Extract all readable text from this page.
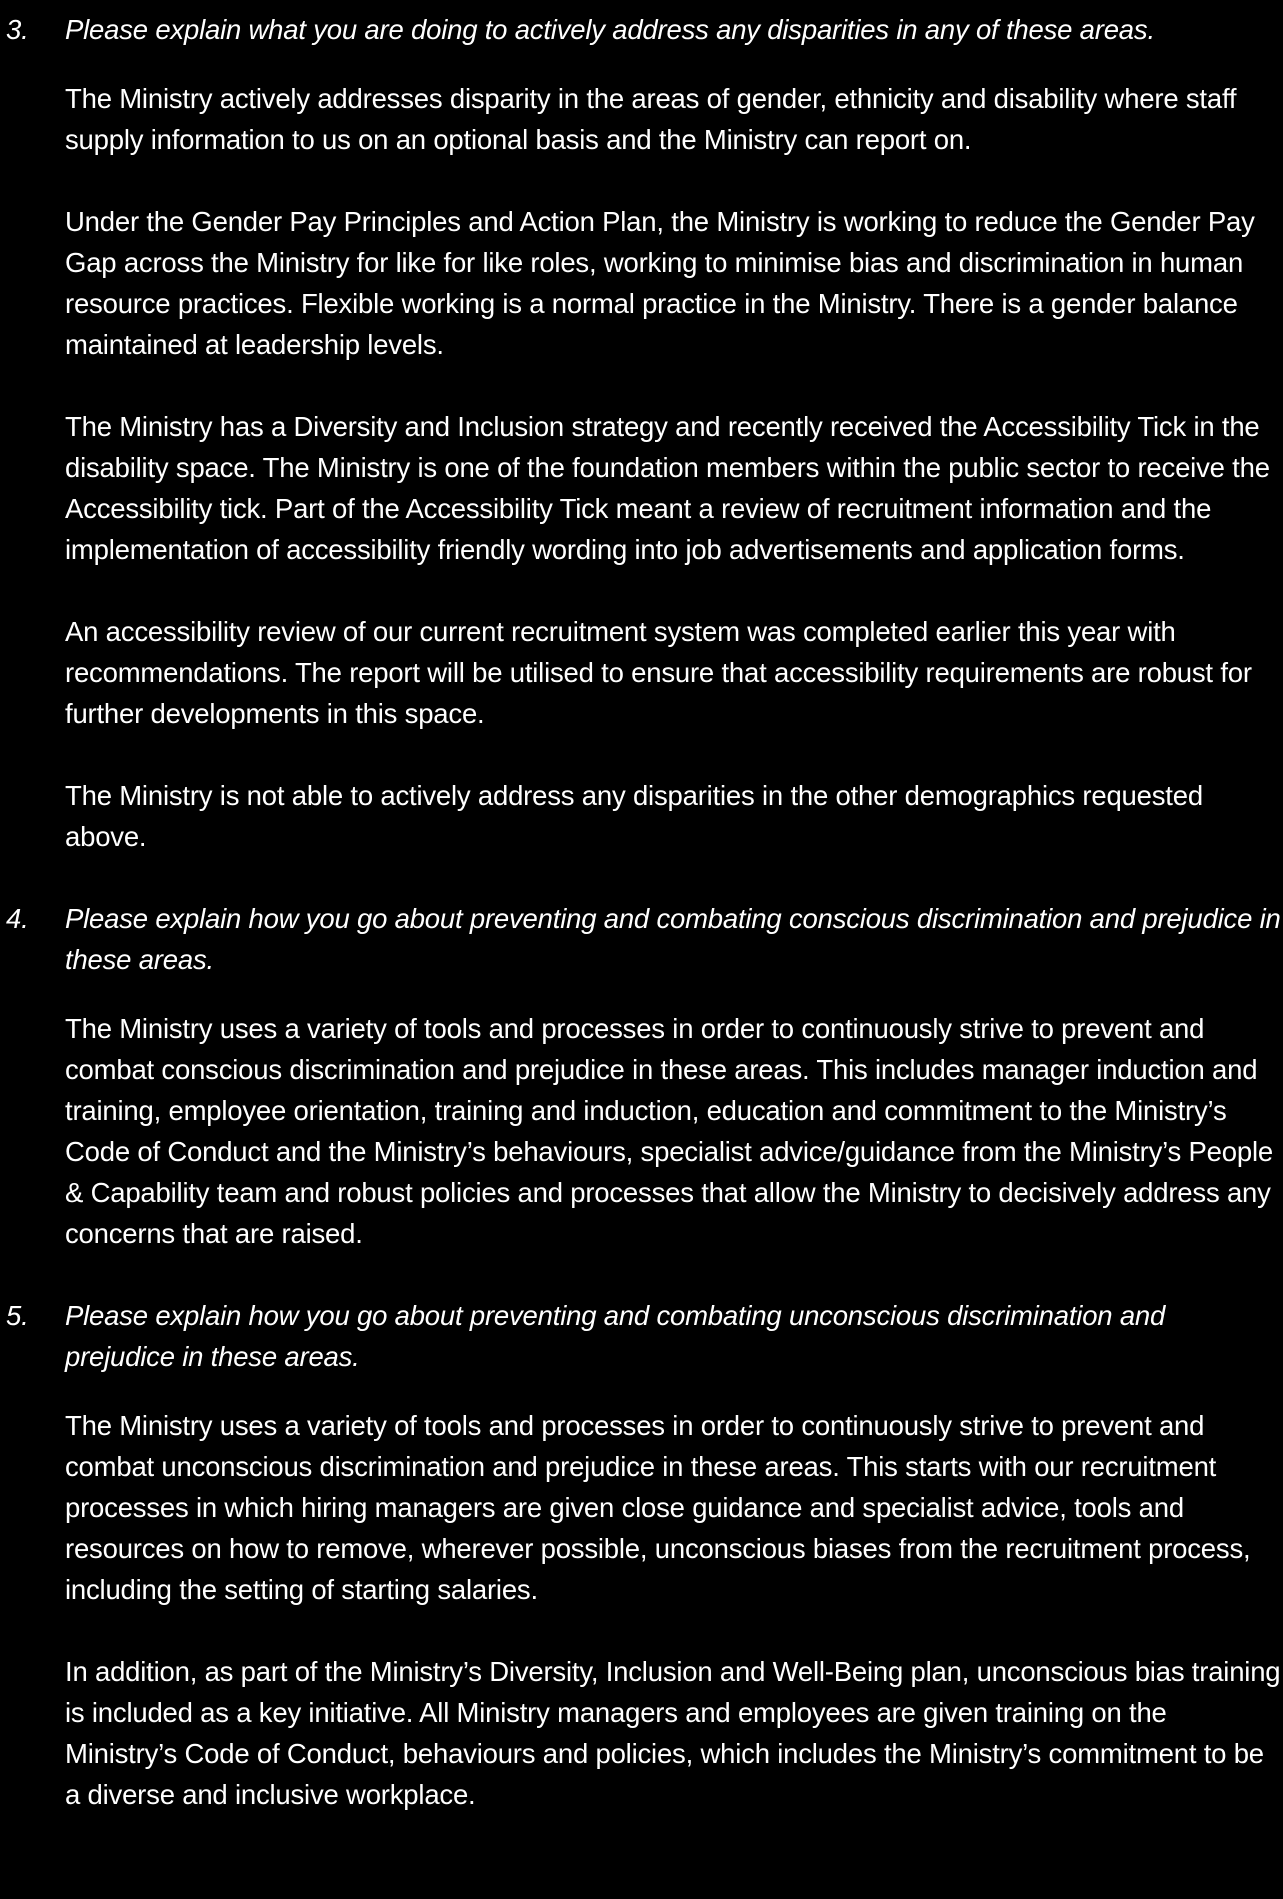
3. Please explain what you are doing to actively address any disparities in any of these areas.

The Ministry actively addresses disparity in the areas of gender, ethnicity and disability where staff supply information to us on an optional basis and the Ministry can report on.

Under the Gender Pay Principles and Action Plan, the Ministry is working to reduce the Gender Pay Gap across the Ministry for like for like roles, working to minimise bias and discrimination in human resource practices. Flexible working is a normal practice in the Ministry. There is a gender balance maintained at leadership levels.

The Ministry has a Diversity and Inclusion strategy and recently received the Accessibility Tick in the disability space. The Ministry is one of the foundation members within the public sector to receive the Accessibility tick. Part of the Accessibility Tick meant a review of recruitment information and the implementation of accessibility friendly wording into job advertisements and application forms.

An accessibility review of our current recruitment system was completed earlier this year with recommendations. The report will be utilised to ensure that accessibility requirements are robust for further developments in this space.

The Ministry is not able to actively address any disparities in the other demographics requested above.

4. Please explain how you go about preventing and combating conscious discrimination and prejudice in these areas.

The Ministry uses a variety of tools and processes in order to continuously strive to prevent and combat conscious discrimination and prejudice in these areas. This includes manager induction and training, employee orientation, training and induction, education and commitment to the Ministry’s Code of Conduct and the Ministry’s behaviours, specialist advice/guidance from the Ministry’s People & Capability team and robust policies and processes that allow the Ministry to decisively address any concerns that are raised.

5. Please explain how you go about preventing and combating unconscious discrimination and prejudice in these areas.

The Ministry uses a variety of tools and processes in order to continuously strive to prevent and combat unconscious discrimination and prejudice in these areas. This starts with our recruitment processes in which hiring managers are given close guidance and specialist advice, tools and resources on how to remove, wherever possible, unconscious biases from the recruitment process, including the setting of starting salaries.

In addition, as part of the Ministry’s Diversity, Inclusion and Well-Being plan, unconscious bias training is included as a key initiative. All Ministry managers and employees are given training on the Ministry’s Code of Conduct, behaviours and policies, which includes the Ministry’s commitment to be a diverse and inclusive workplace.
